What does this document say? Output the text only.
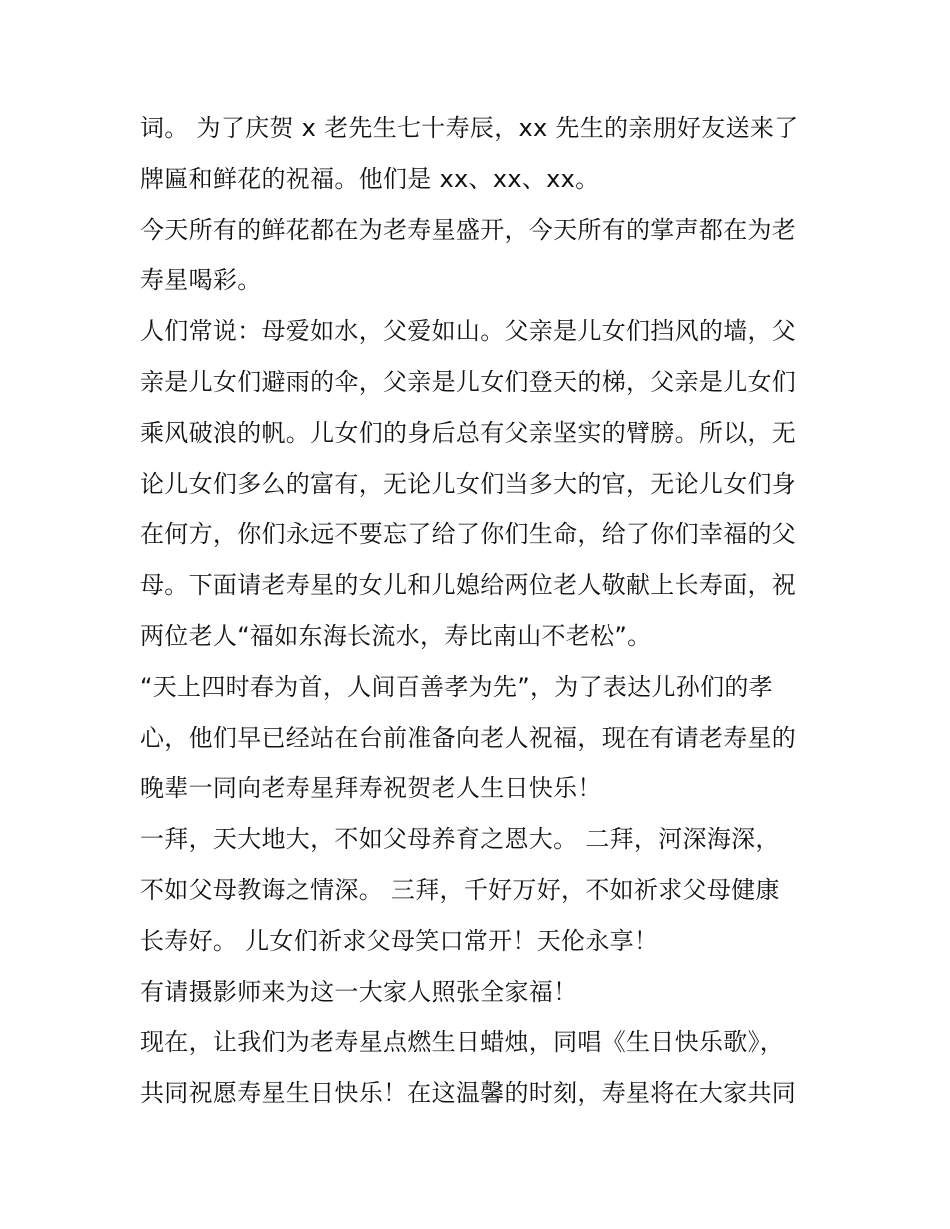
词。 为了庆贺 x 老先生七十寿辰，xx 先生的亲朋好友送来了
牌匾和鲜花的祝福。他们是 xx、xx、xx。
今天所有的鲜花都在为老寿星盛开，今天所有的掌声都在为老
寿星喝彩。
人们常说：母爱如水，父爱如山。父亲是儿女们挡风的墙，父
亲是儿女们避雨的伞，父亲是儿女们登天的梯，父亲是儿女们
乘风破浪的帆。儿女们的身后总有父亲坚实的臂膀。所以，无
论儿女们多么的富有，无论儿女们当多大的官，无论儿女们身
在何方，你们永远不要忘了给了你们生命，给了你们幸福的父
母。下面请老寿星的女儿和儿媳给两位老人敬献上长寿面，祝
两位老人“福如东海长流水，寿比南山不老松”。
“天上四时春为首，人间百善孝为先”，为了表达儿孙们的孝
心，他们早已经站在台前准备向老人祝福，现在有请老寿星的
晚辈一同向老寿星拜寿祝贺老人生日快乐！
一拜，天大地大，不如父母养育之恩大。 二拜，河深海深，
不如父母教诲之情深。 三拜，千好万好，不如祈求父母健康
长寿好。 儿女们祈求父母笑口常开！天伦永享！
有请摄影师来为这一大家人照张全家福！
现在，让我们为老寿星点燃生日蜡烛，同唱《生日快乐歌》，
共同祝愿寿星生日快乐！在这温馨的时刻，寿星将在大家共同
